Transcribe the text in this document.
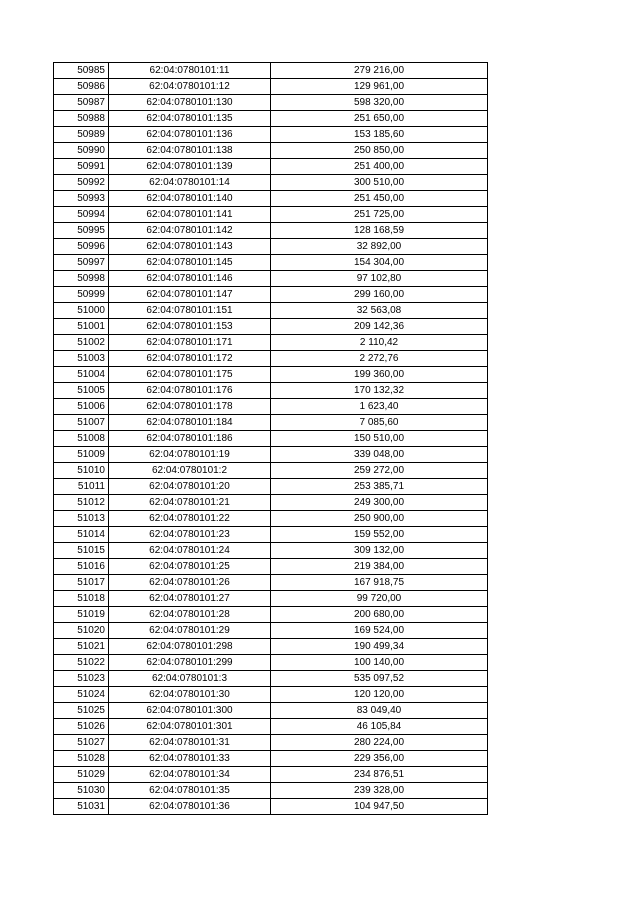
50985	62:04:0780101:11	279 216,00
50986	62:04:0780101:12	129 961,00
50987	62:04:0780101:130	598 320,00
50988	62:04:0780101:135	251 650,00
50989	62:04:0780101:136	153 185,60
50990	62:04:0780101:138	250 850,00
50991	62:04:0780101:139	251 400,00
50992	62:04:0780101:14	300 510,00
50993	62:04:0780101:140	251 450,00
50994	62:04:0780101:141	251 725,00
50995	62:04:0780101:142	128 168,59
50996	62:04:0780101:143	32 892,00
50997	62:04:0780101:145	154 304,00
50998	62:04:0780101:146	97 102,80
50999	62:04:0780101:147	299 160,00
51000	62:04:0780101:151	32 563,08
51001	62:04:0780101:153	209 142,36
51002	62:04:0780101:171	2 110,42
51003	62:04:0780101:172	2 272,76
51004	62:04:0780101:175	199 360,00
51005	62:04:0780101:176	170 132,32
51006	62:04:0780101:178	1 623,40
51007	62:04:0780101:184	7 085,60
51008	62:04:0780101:186	150 510,00
51009	62:04:0780101:19	339 048,00
51010	62:04:0780101:2	259 272,00
51011	62:04:0780101:20	253 385,71
51012	62:04:0780101:21	249 300,00
51013	62:04:0780101:22	250 900,00
51014	62:04:0780101:23	159 552,00
51015	62:04:0780101:24	309 132,00
51016	62:04:0780101:25	219 384,00
51017	62:04:0780101:26	167 918,75
51018	62:04:0780101:27	99 720,00
51019	62:04:0780101:28	200 680,00
51020	62:04:0780101:29	169 524,00
51021	62:04:0780101:298	190 499,34
51022	62:04:0780101:299	100 140,00
51023	62:04:0780101:3	535 097,52
51024	62:04:0780101:30	120 120,00
51025	62:04:0780101:300	83 049,40
51026	62:04:0780101:301	46 105,84
51027	62:04:0780101:31	280 224,00
51028	62:04:0780101:33	229 356,00
51029	62:04:0780101:34	234 876,51
51030	62:04:0780101:35	239 328,00
51031	62:04:0780101:36	104 947,50
